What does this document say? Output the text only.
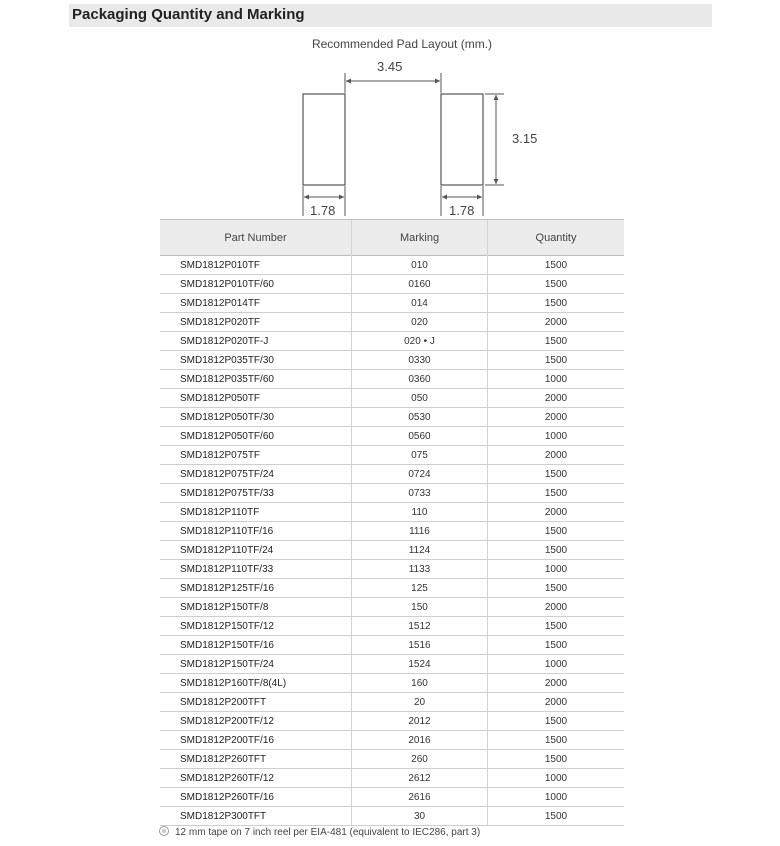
Packaging Quantity and Marking
Recommended Pad Layout (mm.)
3.45
3.15
1.78	1.78
Part Number	Marking	Quantity
SMD1812P010TF	010	1500
SMD1812P010TF/60	0160	1500
SMD1812P014TF	014	1500
SMD1812P020TF	020	2000
SMD1812P020TF-J	020 • J	1500
SMD1812P035TF/30	0330	1500
SMD1812P035TF/60	0360	1000
SMD1812P050TF	050	2000
SMD1812P050TF/30	0530	2000
SMD1812P050TF/60	0560	1000
SMD1812P075TF	075	2000
SMD1812P075TF/24	0724	1500
SMD1812P075TF/33	0733	1500
SMD1812P110TF	110	2000
SMD1812P110TF/16	1116	1500
SMD1812P110TF/24	1124	1500
SMD1812P110TF/33	1133	1000
SMD1812P125TF/16	125	1500
SMD1812P150TF/8	150	2000
SMD1812P150TF/12	1512	1500
SMD1812P150TF/16	1516	1500
SMD1812P150TF/24	1524	1000
SMD1812P160TF/8(4L)	160	2000
SMD1812P200TFT	20	2000
SMD1812P200TF/12	2012	1500
SMD1812P200TF/16	2016	1500
SMD1812P260TFT	260	1500
SMD1812P260TF/12	2612	1000
SMD1812P260TF/16	2616	1000
SMD1812P300TFT	30	1500
12 mm tape on 7 inch reel per EIA-481 (equivalent to IEC286, part 3)
